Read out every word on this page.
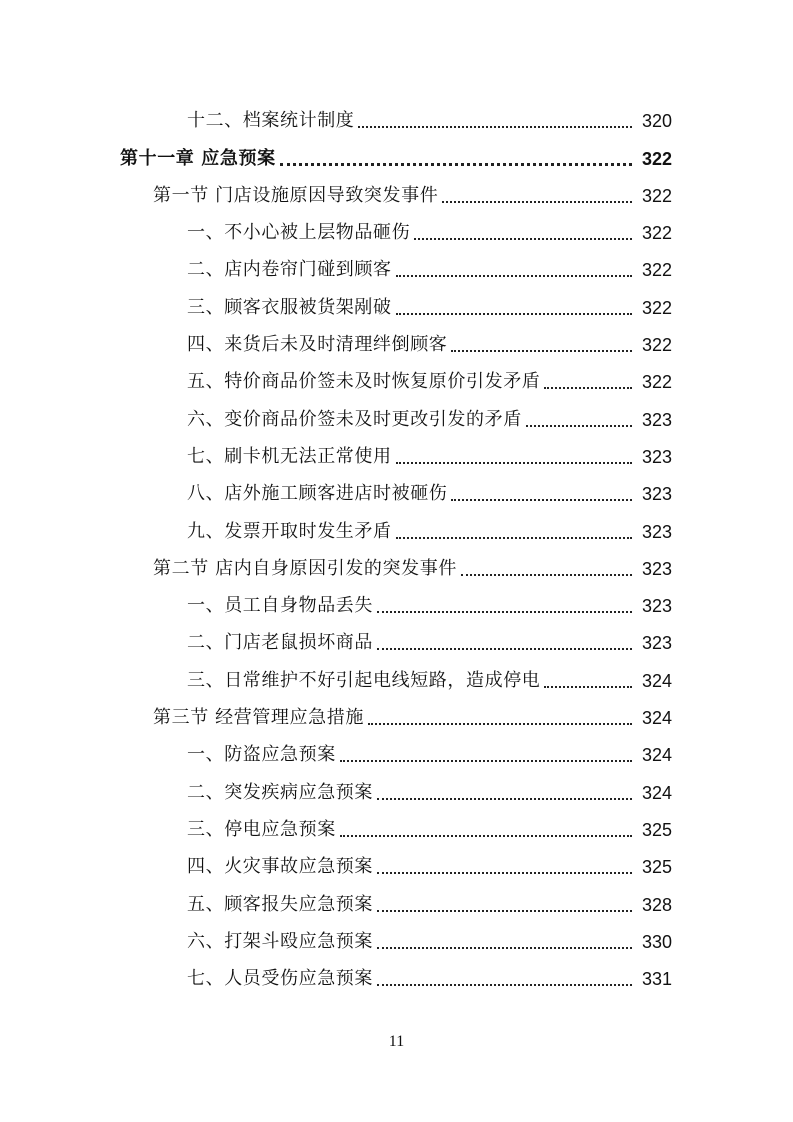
十二、档案统计制度	320
第十一章 应急预案	322
第一节 门店设施原因导致突发事件	322
一、不小心被上层物品砸伤	322
二、店内卷帘门碰到顾客	322
三、顾客衣服被货架剐破	322
四、来货后未及时清理绊倒顾客	322
五、特价商品价签未及时恢复原价引发矛盾	322
六、变价商品价签未及时更改引发的矛盾	323
七、刷卡机无法正常使用	323
八、店外施工顾客进店时被砸伤	323
九、发票开取时发生矛盾	323
第二节 店内自身原因引发的突发事件	323
一、员工自身物品丢失	323
二、门店老鼠损坏商品	323
三、日常维护不好引起电线短路，造成停电	324
第三节 经营管理应急措施	324
一、防盗应急预案	324
二、突发疾病应急预案	324
三、停电应急预案	325
四、火灾事故应急预案	325
五、顾客报失应急预案	328
六、打架斗殴应急预案	330
七、人员受伤应急预案	331
11
